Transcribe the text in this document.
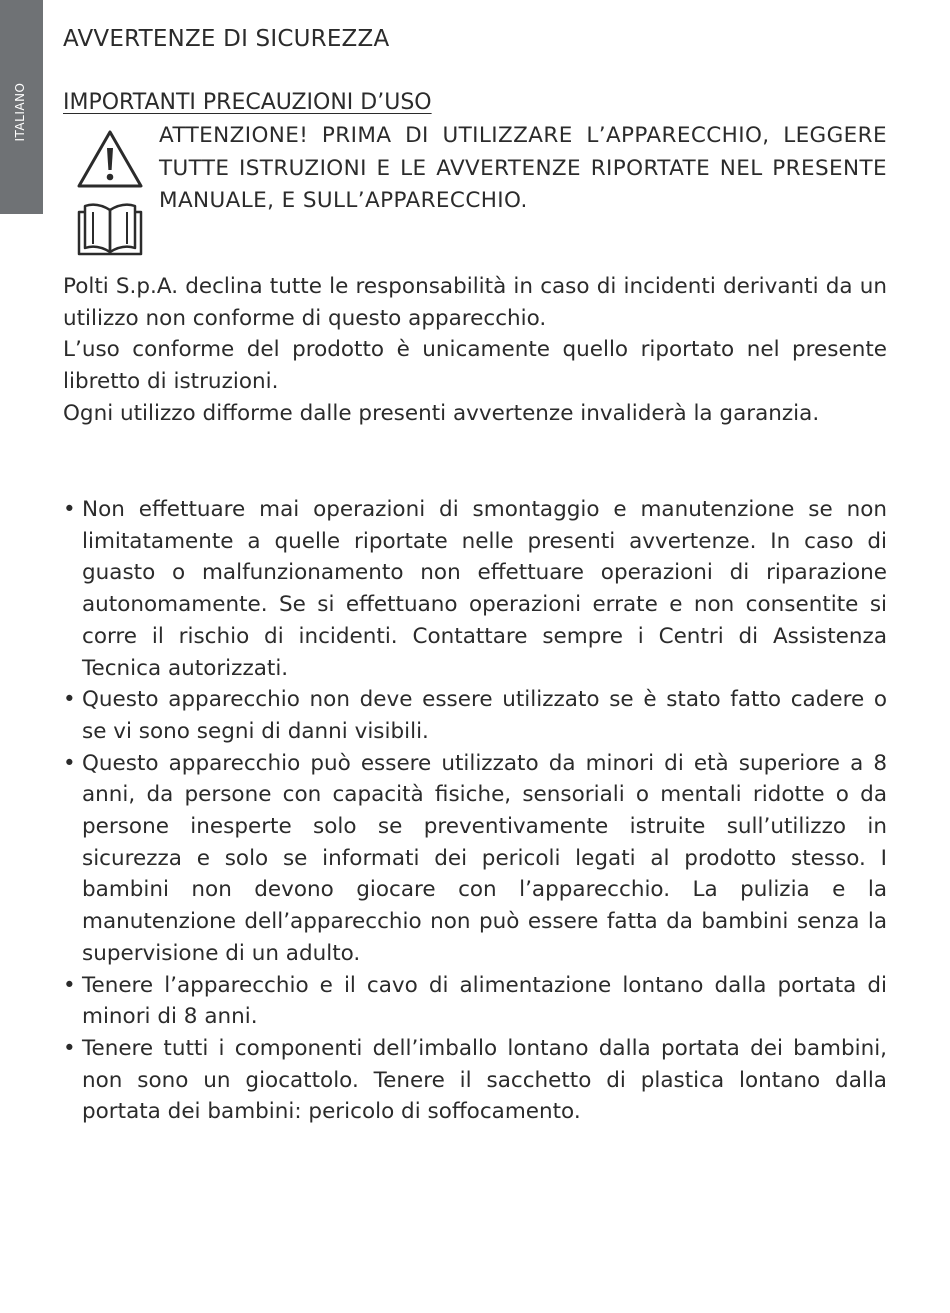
ITALIANO
AVVERTENZE DI SICUREZZA
IMPORTANTI PRECAUZIONI D’USO
ATTENZIONE! PRIMA DI UTILIZZARE L’APPARECCHIO, LEGGERE TUTTE ISTRUZIONI E LE AVVERTENZE RIPORTATE NEL PRESENTE MANUALE, E SULL’APPARECCHIO.

Polti S.p.A. declina tutte le responsabilità in caso di incidenti derivanti da un utilizzo non conforme di questo apparecchio.

L’uso conforme del prodotto è unicamente quello riportato nel presente libretto di istruzioni.

Ogni utilizzo difforme dalle presenti avvertenze invaliderà la garanzia.

• Non effettuare mai operazioni di smontaggio e manutenzione se non limitatamente a quelle riportate nelle presenti avvertenze. In caso di guasto o malfunzionamento non effettuare operazioni di riparazione autonomamente. Se si effettuano operazioni errate e non consentite si corre il rischio di incidenti. Contattare sempre i Centri di Assistenza Tecnica autorizzati.
• Questo apparecchio non deve essere utilizzato se è stato fatto cadere o se vi sono segni di danni visibili.
• Questo apparecchio può essere utilizzato da minori di età superiore a 8 anni, da persone con capacità fisiche, sensoriali o mentali ridotte o da persone inesperte solo se preventivamente istruite sull’utilizzo in sicurezza e solo se informati dei pericoli legati al prodotto stesso. I bambini non devono giocare con l’apparecchio. La pulizia e la manutenzione dell’apparecchio non può essere fatta da bambini senza la supervisione di un adulto.
• Tenere l’apparecchio e il cavo di alimentazione lontano dalla portata di minori di 8 anni.
• Tenere tutti i componenti dell’imballo lontano dalla portata dei bambini, non sono un giocattolo. Tenere il sacchetto di plastica lontano dalla portata dei bambini: pericolo di soffocamento.
